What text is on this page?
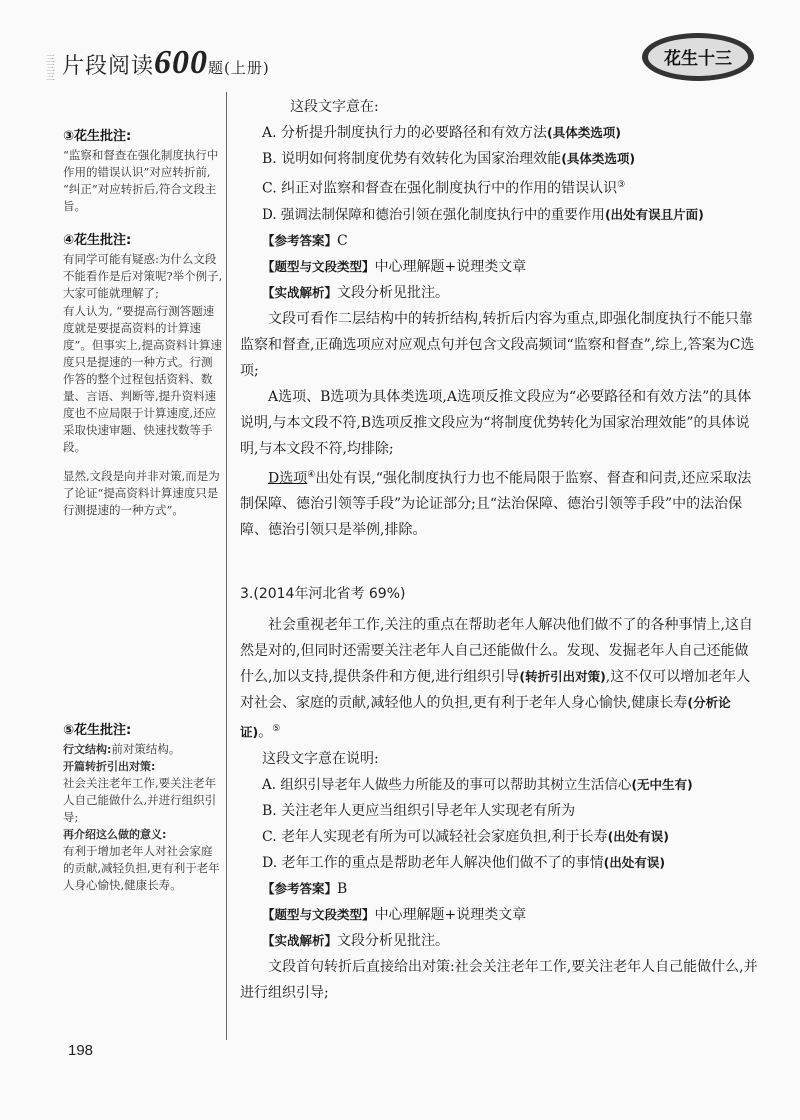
三三三 片段阅读600题(上册)	花生十三
③花生批注:
“监察和督查在强化制度执行中作用的错误认识”对应转折前, “纠正”对应转折后,符合文段主旨。
④花生批注:
有同学可能有疑惑:为什么文段不能看作是后对策呢?举个例子,大家可能就理解了;
有人认为, “要提高行测答题速度就是要提高资料的计算速度”。但事实上,提高资料计算速度只是提速的一种方式。行测作答的整个过程包括资料、数量、言语、判断等,提升资料速度也不应局限于计算速度,还应采取快速审题、快速找数等手段。
显然,文段是向并非对策,而是为了论证“提高资料计算速度只是行测提速的一种方式”。
⑤花生批注:
行文结构:前对策结构。
开篇转折引出对策:
社会关注老年工作,要关注老年人自己能做什么,并进行组织引导;
再介绍这么做的意义:
有利于增加老年人对社会家庭的贡献,减轻负担,更有利于老年人身心愉快,健康长寿。
这段文字意在:
A. 分析提升制度执行力的必要路径和有效方法(具体类选项)
B. 说明如何将制度优势有效转化为国家治理效能(具体类选项)
C. 纠正对监察和督查在强化制度执行中的作用的错误认识③
D. 强调法制保障和德治引领在强化制度执行中的重要作用(出处有误且片面)
【参考答案】C
【题型与文段类型】中心理解题+说理类文章
【实战解析】文段分析见批注。
文段可看作二层结构中的转折结构,转折后内容为重点,即强化制度执行不能只靠监察和督查,正确选项应对应观点句并包含文段高频词“监察和督查”,综上,答案为C选项;
A选项、B选项为具体类选项,A选项反推文段应为“必要路径和有效方法”的具体说明,与本文段不符,B选项反推文段应为“将制度优势转化为国家治理效能”的具体说明,与本文段不符,均排除;
D选项④出处有误,“强化制度执行力也不能局限于监察、督查和问责,还应采取法制保障、德治引领等手段”为论证部分;且“法治保障、德治引领等手段”中的法治保障、德治引领只是举例,排除。
3.(2014年河北省考 69%)
社会重视老年工作,关注的重点在帮助老年人解决他们做不了的各种事情上,这自然是对的,但同时还需要关注老年人自己还能做什么。发现、发掘老年人自己还能做什么,加以支持,提供条件和方便,进行组织引导(转折引出对策),这不仅可以增加老年人对社会、家庭的贡献,减轻他人的负担,更有利于老年人身心愉快,健康长寿(分析论证)。⑤
这段文字意在说明:
A. 组织引导老年人做些力所能及的事可以帮助其树立生活信心(无中生有)
B. 关注老年人更应当组织引导老年人实现老有所为
C. 老年人实现老有所为可以减轻社会家庭负担,利于长寿(出处有误)
D. 老年工作的重点是帮助老年人解决他们做不了的事情(出处有误)
【参考答案】B
【题型与文段类型】中心理解题+说理类文章
【实战解析】文段分析见批注。
文段首句转折后直接给出对策:社会关注老年工作,要关注老年人自己能做什么,并进行组织引导;
198
